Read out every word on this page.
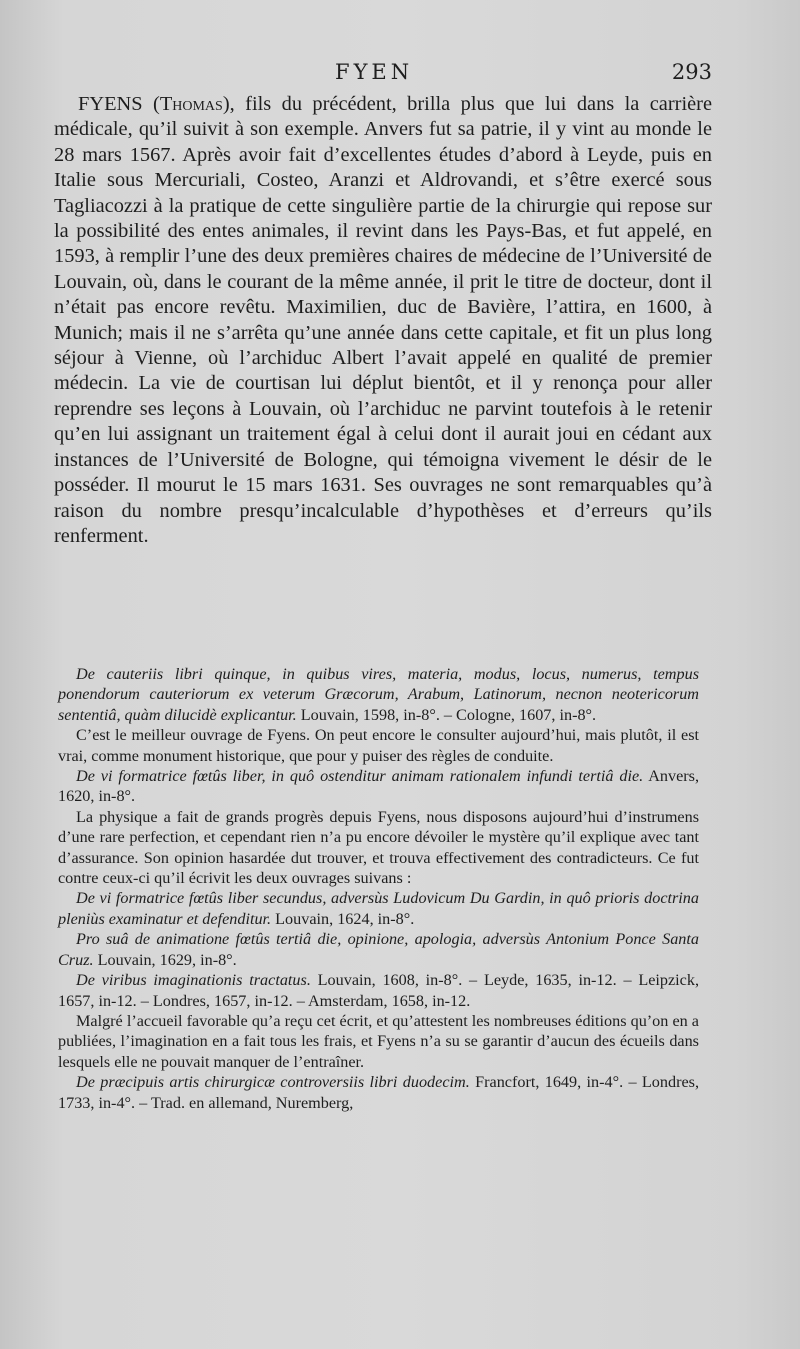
FYEN	293

FYENS (Thomas), fils du précédent, brilla plus que lui dans la carrière médicale, qu’il suivit à son exemple. Anvers fut sa patrie, il y vint au monde le 28 mars 1567. Après avoir fait d’excellentes études d’abord à Leyde, puis en Italie sous Mercuriali, Costeo, Aranzi et Aldrovandi, et s’être exercé sous Tagliacozzi à la pratique de cette singulière partie de la chirurgie qui repose sur la possibilité des entes animales, il revint dans les Pays-Bas, et fut appelé, en 1593, à remplir l’une des deux premières chaires de médecine de l’Université de Louvain, où, dans le courant de la même année, il prit le titre de docteur, dont il n’était pas encore revêtu. Maximilien, duc de Bavière, l’attira, en 1600, à Munich; mais il ne s’arrêta qu’une année dans cette capitale, et fit un plus long séjour à Vienne, où l’archiduc Albert l’avait appelé en qualité de premier médecin. La vie de courtisan lui déplut bientôt, et il y renonça pour aller reprendre ses leçons à Louvain, où l’archiduc ne parvint toutefois à le retenir qu’en lui assignant un traitement égal à celui dont il aurait joui en cédant aux instances de l’Université de Bologne, qui témoigna vivement le désir de le posséder. Il mourut le 15 mars 1631. Ses ouvrages ne sont remarquables qu’à raison du nombre presqu’incalculable d’hypothèses et d’erreurs qu’ils renferment.

De cauteriis libri quinque, in quibus vires, materia, modus, locus, numerus, tempus ponendorum cauteriorum ex veterum Græcorum, Arabum, Latinorum, necnon neotericorum sententiâ, quàm dilucidè explicantur. Louvain, 1598, in-8°. – Cologne, 1607, in-8°.

C’est le meilleur ouvrage de Fyens. On peut encore le consulter aujourd’hui, mais plutôt, il est vrai, comme monument historique, que pour y puiser des règles de conduite.

De vi formatrice fœtûs liber, in quô ostenditur animam rationalem infundi tertiâ die. Anvers, 1620, in-8°.

La physique a fait de grands progrès depuis Fyens, nous disposons aujourd’hui d’instrumens d’une rare perfection, et cependant rien n’a pu encore dévoiler le mystère qu’il explique avec tant d’assurance. Son opinion hasardée dut trouver, et trouva effectivement des contradicteurs. Ce fut contre ceux-ci qu’il écrivit les deux ouvrages suivans :

De vi formatrice fœtûs liber secundus, adversùs Ludovicum Du Gardin, in quô prioris doctrina pleniùs examinatur et defenditur. Louvain, 1624, in-8°.

Pro suâ de animatione fœtûs tertiâ die, opinione, apologia, adversùs Antonium Ponce Santa Cruz. Louvain, 1629, in-8°.

De viribus imaginationis tractatus. Louvain, 1608, in-8°. – Leyde, 1635, in-12. – Leipzick, 1657, in-12. – Londres, 1657, in-12. – Amsterdam, 1658, in-12.

Malgré l’accueil favorable qu’a reçu cet écrit, et qu’attestent les nombreuses éditions qu’on en a publiées, l’imagination en a fait tous les frais, et Fyens n’a su se garantir d’aucun des écueils dans lesquels elle ne pouvait manquer de l’entraîner.

De præcipuis artis chirurgicæ controversiis libri duodecim. Francfort, 1649, in-4°. – Londres, 1733, in-4°. – Trad. en allemand, Nuremberg,
